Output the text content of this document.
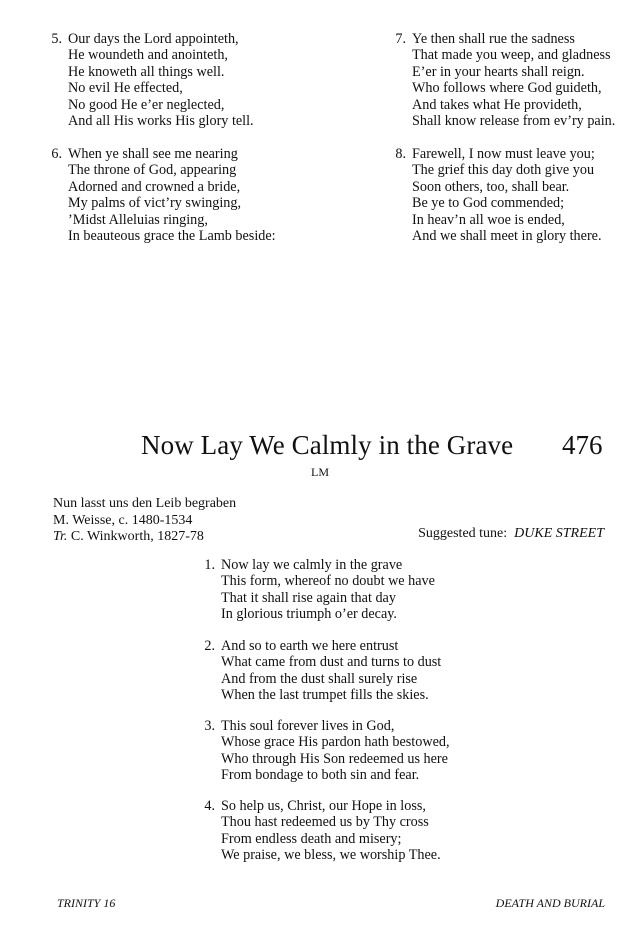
5. Our days the Lord appointeth,
He woundeth and anointeth,
He knoweth all things well.
No evil He effected,
No good He e’er neglected,
And all His works His glory tell.
6. When ye shall see me nearing
The throne of God, appearing
Adorned and crowned a bride,
My palms of vict’ry swinging,
’Midst Alleluias ringing,
In beauteous grace the Lamb beside:
7. Ye then shall rue the sadness
That made you weep, and gladness
E’er in your hearts shall reign.
Who follows where God guideth,
And takes what He provideth,
Shall know release from ev’ry pain.
8. Farewell, I now must leave you;
The grief this day doth give you
Soon others, too, shall bear.
Be ye to God commended;
In heav’n all woe is ended,
And we shall meet in glory there.
Now Lay We Calmly in the Grave 476
LM
Nun lasst uns den Leib begraben
M. Weisse, c. 1480-1534
Tr. C. Winkworth, 1827-78	Suggested tune: DUKE STREET
1. Now lay we calmly in the grave
This form, whereof no doubt we have
That it shall rise again that day
In glorious triumph o’er decay.
2. And so to earth we here entrust
What came from dust and turns to dust
And from the dust shall surely rise
When the last trumpet fills the skies.
3. This soul forever lives in God,
Whose grace His pardon hath bestowed,
Who through His Son redeemed us here
From bondage to both sin and fear.
4. So help us, Christ, our Hope in loss,
Thou hast redeemed us by Thy cross
From endless death and misery;
We praise, we bless, we worship Thee.
TRINITY 16	DEATH AND BURIAL
